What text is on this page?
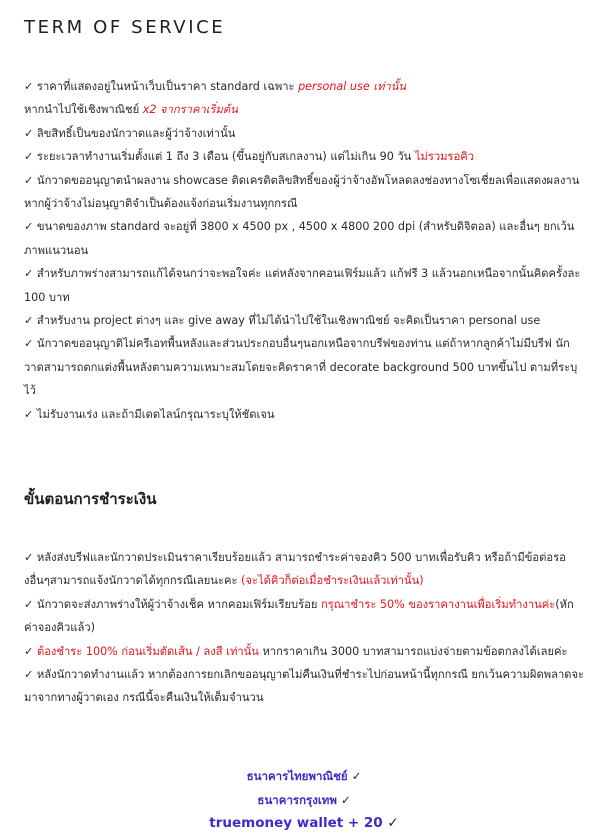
TERM OF SERVICE
✓ ราคาที่แสดงอยู่ในหน้าเว็บเป็นราคา standard เฉพาะ personal use เท่านั้น
หากนำไปใช้เชิงพาณิชย์ x2 จากราคาเริ่มต้น
✓ ลิขสิทธิ์เป็นของนักวาดและผู้ว่าจ้างเท่านั้น
✓ ระยะเวลาทำงานเริ่มตั้งแต่ 1 ถึง 3 เดือน (ขึ้นอยู่กับสเกลงาน) แต่ไม่เกิน 90 วัน ไม่รวมรอคิว
✓ นักวาดขออนุญาตนำผลงาน showcase ติดเครดิตลิขสิทธิ์ของผู้ว่าจ้างอัพโหลดลงช่องทางโซเชี่ยลเพื่อแสดงผลงาน หากผู้ว่าจ้างไม่อนุญาติจำเป็นต้องแจ้งก่อนเริ่มงานทุกกรณี
✓ ขนาดของภาพ standard จะอยู่ที่ 3800 x 4500 px , 4500 x 4800 200 dpi (สำหรับดิจิตอล) และอื่นๆ ยกเว้นภาพแนวนอน
✓ สำหรับภาพร่างสามารถแก้ได้จนกว่าจะพอใจค่ะ แต่หลังจากคอนเฟิร์มแล้ว แก้ฟรี 3 แล้วนอกเหนือจากนั้นคิดครั้งละ 100 บาท
✓ สำหรับงาน project ต่างๆ และ give away ที่ไม่ได้นำไปใช้ในเชิงพาณิชย์ จะคิดเป็นราคา personal use
✓ นักวาดขออนุญาติไม่ครีเอทพื้นหลังและส่วนประกอบอื่นๆนอกเหนือจากบรีฟของท่าน แต่ถ้าหากลูกค้าไม่มีบรีฟ นักวาดสามารถตกแต่งพื้นหลังตามความเหมาะสมโดยจะคิดราคาที่ decorate background 500 บาทขึ้นไป ตามที่ระบุไว้
✓ ไม่รับงานเร่ง และถ้ามีเดดไลน์กรุณาระบุให้ชัดเจน
ขั้นตอนการชำระเงิน
✓ หลังส่งบรีฟและนักวาดประเมินราคาเรียบร้อยแล้ว สามารถชำระค่าจองคิว 500 บาทเพื่อรับคิว หรือถ้ามีข้อต่อรองอื่นๆสามารถแจ้งนักวาดได้ทุกกรณีเลยนะคะ (จะได้คิวก็ต่อเมื่อชำระเงินแล้วเท่านั้น)
✓ นักวาดจะส่งภาพร่างให้ผู้ว่าจ้างเช็ค หากคอมเฟิร์มเรียบร้อย กรุณาชำระ 50% ของราคางานเพื่อเริ่มทำงานค่ะ(หักค่าจองคิวแล้ว)
✓ ต้องชำระ 100% ก่อนเริ่มตัดเส้น / ลงสี เท่านั้น หากราคาเกิน 3000 บาทสามารถแบ่งจ่ายตามข้อตกลงได้เลยค่ะ
✓ หลังนักวาดทำงานแล้ว หากต้องการยกเลิกขออนุญาตไม่คืนเงินที่ชำระไปก่อนหน้านี้ทุกกรณี ยกเว้นความผิดพลาดจะมาจากทางผู้วาดเอง กรณีนี้จะคืนเงินให้เต็มจำนวน
ธนาคารไทยพาณิชย์ ✓
ธนาคารกรุงเทพ ✓
truemoney wallet + 20 ✓
